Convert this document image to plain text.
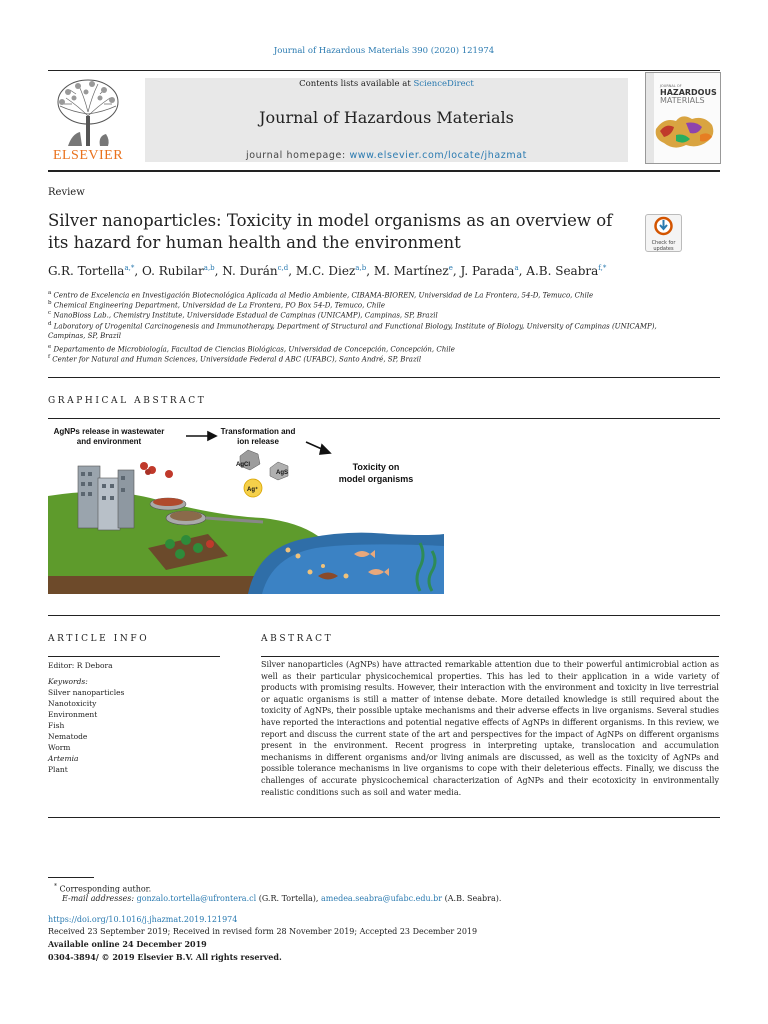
Journal of Hazardous Materials 390 (2020) 121974
ELSEVIER
Contents lists available at ScienceDirect
Journal of Hazardous Materials
journal homepage: www.elsevier.com/locate/jhazmat
JOURNAL OF
HAZARDOUS
MATERIALS
Review
Silver nanoparticles: Toxicity in model organisms as an overview of its hazard for human health and the environment	Check for updates
G.R. Tortella$^{a,*}$, O. Rubilar$^{a,b}$, N. Durán$^{c,d}$, M.C. Diez$^{a,b}$, M. Martínez$^e$, J. Parada$^a$, A.B. Seabra$^{f,*}$
$^a$ Centro de Excelencia en Investigación Biotecnológica Aplicada al Medio Ambiente, CIBAMA-BIOREN, Universidad de La Frontera, 54-D, Temuco, Chile
$^b$ Chemical Engineering Department, Universidad de La Frontera, PO Box 54-D, Temuco, Chile
$^c$ NanoBioss Lab., Chemistry Institute, Universidade Estadual de Campinas (UNICAMP), Campinas, SP, Brazil
$^d$ Laboratory of Urogenital Carcinogenesis and Immunotherapy, Department of Structural and Functional Biology, Institute of Biology, University of Campinas (UNICAMP),
Campinas, SP, Brazil
$^e$ Departamento de Microbiología, Facultad de Ciencias Biológicas, Universidad de Concepción, Concepción, Chile
$^f$ Center for Natural and Human Sciences, Universidade Federal d ABC (UFABC), Santo André, SP, Brazil
GRAPHICAL ABSTRACT
AgNPs release in wastewater
and environment
Transformation and
ion release
AgCl
AgS
Ag⁺
Toxicity on
model organisms
ARTICLE INFO
Editor: R Debora
Keywords:
Silver nanoparticles
Nanotoxicity
Environment
Fish
Nematode
Worm
Artemia
Plant
ABSTRACT
Silver nanoparticles (AgNPs) have attracted remarkable attention due to their powerful antimicrobial action as well as their particular physicochemical properties. This has led to their application in a wide variety of products with promising results. However, their interaction with the environment and toxicity in live terrestrial or aquatic organisms is still a matter of intense debate. More detailed knowledge is still required about the toxicity of AgNPs, their possible uptake mechanisms and their adverse effects in live organisms. Several studies have reported the interactions and potential negative effects of AgNPs in different organisms. In this review, we report and discuss the current state of the art and perspectives for the impact of AgNPs on different organisms present in the environment. Recent progress in interpreting uptake, translocation and accumulation mechanisms in different organisms and/or living animals are discussed, as well as the toxicity of AgNPs and possible tolerance mechanisms in live organisms to cope with their deleterious effects. Finally, we discuss the challenges of accurate physicochemical characterization of AgNPs and their ecotoxicity in environmentally realistic conditions such as soil and water media.
* Corresponding author.
E-mail addresses: gonzalo.tortella@ufrontera.cl (G.R. Tortella), amedea.seabra@ufabc.edu.br (A.B. Seabra).
https://doi.org/10.1016/j.jhazmat.2019.121974
Received 23 September 2019; Received in revised form 28 November 2019; Accepted 23 December 2019
Available online 24 December 2019
0304-3894/ © 2019 Elsevier B.V. All rights reserved.
